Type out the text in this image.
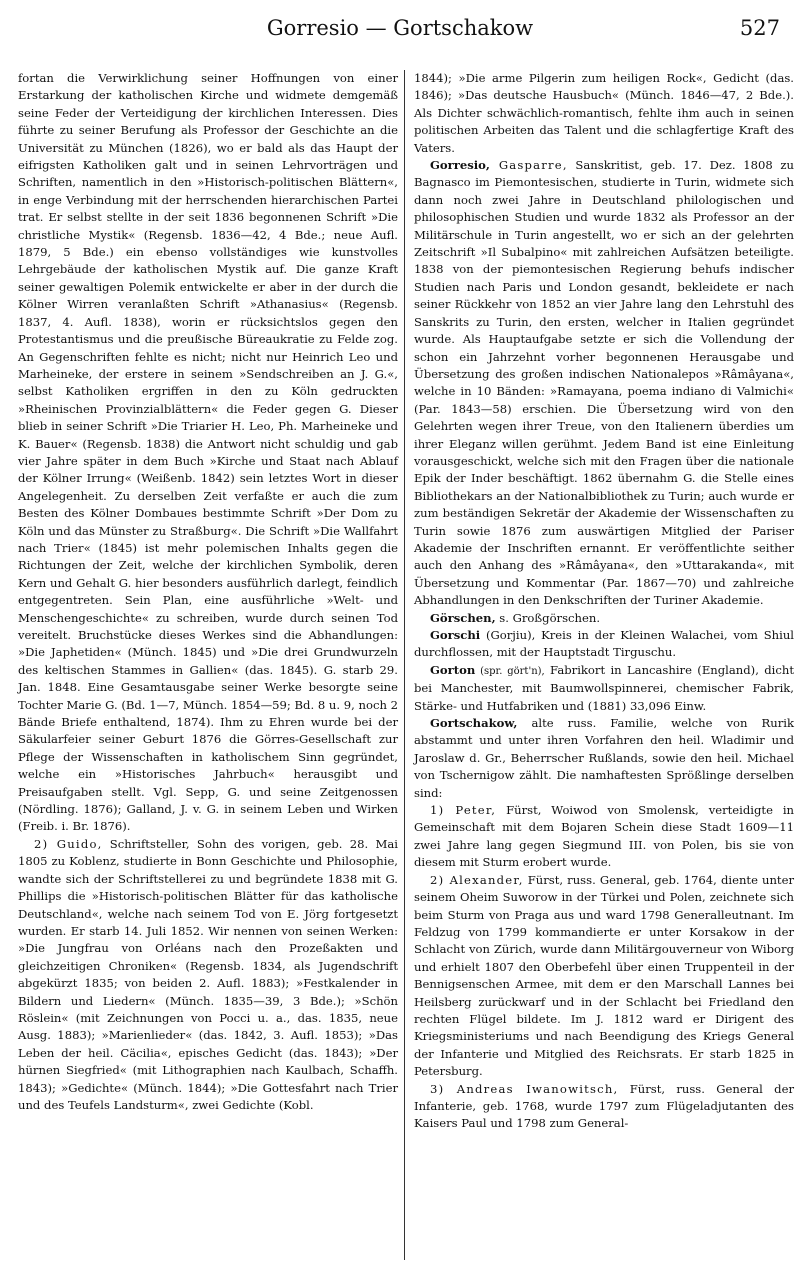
Gorresio — Gortschakow	527

fortan die Verwirklichung seiner Hoffnungen von einer Erstarkung der katholischen Kirche und widmete demgemäß seine Feder der Verteidigung der kirchlichen Interessen. Dies führte zu seiner Berufung als Professor der Geschichte an die Universität zu München (1826), wo er bald als das Haupt der eifrigsten Katholiken galt und in seinen Lehrvorträgen und Schriften, namentlich in den »Historisch-politischen Blättern«, in enge Verbindung mit der herrschenden hierarchischen Partei trat. Er selbst stellte in der seit 1836 begonnenen Schrift »Die christliche Mystik« (Regensb. 1836—42, 4 Bde.; neue Aufl. 1879, 5 Bde.) ein ebenso vollständiges wie kunstvolles Lehrgebäude der katholischen Mystik auf. Die ganze Kraft seiner gewaltigen Polemik entwickelte er aber in der durch die Kölner Wirren veranlaßten Schrift »Athanasius« (Regensb. 1837, 4. Aufl. 1838), worin er rücksichtslos gegen den Protestantismus und die preußische Büreaukratie zu Felde zog. An Gegenschriften fehlte es nicht; nicht nur Heinrich Leo und Marheineke, der erstere in seinem »Sendschreiben an J. G.«, selbst Katholiken ergriffen in den zu Köln gedruckten »Rheinischen Provinzialblättern« die Feder gegen G. Dieser blieb in seiner Schrift »Die Triarier H. Leo, Ph. Marheineke und K. Bauer« (Regensb. 1838) die Antwort nicht schuldig und gab vier Jahre später in dem Buch »Kirche und Staat nach Ablauf der Kölner Irrung« (Weißenb. 1842) sein letztes Wort in dieser Angelegenheit. Zu derselben Zeit verfaßte er auch die zum Besten des Kölner Dombaues bestimmte Schrift »Der Dom zu Köln und das Münster zu Straßburg«. Die Schrift »Die Wallfahrt nach Trier« (1845) ist mehr polemischen Inhalts gegen die Richtungen der Zeit, welche der kirchlichen Symbolik, deren Kern und Gehalt G. hier besonders ausführlich darlegt, feindlich entgegentreten. Sein Plan, eine ausführliche »Welt- und Menschengeschichte« zu schreiben, wurde durch seinen Tod vereitelt. Bruchstücke dieses Werkes sind die Abhandlungen: »Die Japhetiden« (Münch. 1845) und »Die drei Grundwurzeln des keltischen Stammes in Gallien« (das. 1845). G. starb 29. Jan. 1848. Eine Gesamtausgabe seiner Werke besorgte seine Tochter Marie G. (Bd. 1—7, Münch. 1854—59; Bd. 8 u. 9, noch 2 Bände Briefe enthaltend, 1874). Ihm zu Ehren wurde bei der Säkularfeier seiner Geburt 1876 die Görres-Gesellschaft zur Pflege der Wissenschaften in katholischem Sinn gegründet, welche ein »Historisches Jahrbuch« herausgibt und Preisaufgaben stellt. Vgl. Sepp, G. und seine Zeitgenossen (Nördling. 1876); Galland, J. v. G. in seinem Leben und Wirken (Freib. i. Br. 1876).

2) Guido, Schriftsteller, Sohn des vorigen, geb. 28. Mai 1805 zu Koblenz, studierte in Bonn Geschichte und Philosophie, wandte sich der Schriftstellerei zu und begründete 1838 mit G. Phillips die »Historisch-politischen Blätter für das katholische Deutschland«, welche nach seinem Tod von E. Jörg fortgesetzt wurden. Er starb 14. Juli 1852. Wir nennen von seinen Werken: »Die Jungfrau von Orléans nach den Prozeßakten und gleichzeitigen Chroniken« (Regensb. 1834, als Jugendschrift abgekürzt 1835; von beiden 2. Aufl. 1883); »Festkalender in Bildern und Liedern« (Münch. 1835—39, 3 Bde.); »Schön Röslein« (mit Zeichnungen von Pocci u. a., das. 1835, neue Ausg. 1883); »Marienlieder« (das. 1842, 3. Aufl. 1853); »Das Leben der heil. Cäcilia«, episches Gedicht (das. 1843); »Der hürnen Siegfried« (mit Lithographien nach Kaulbach, Schaffh. 1843); »Gedichte« (Münch. 1844); »Die Gottesfahrt nach Trier und des Teufels Landsturm«, zwei Gedichte (Kobl.

1844); »Die arme Pilgerin zum heiligen Rock«, Gedicht (das. 1846); »Das deutsche Hausbuch« (Münch. 1846—47, 2 Bde.). Als Dichter schwächlich-romantisch, fehlte ihm auch in seinen politischen Arbeiten das Talent und die schlagfertige Kraft des Vaters.

Gorresio, Gasparre, Sanskritist, geb. 17. Dez. 1808 zu Bagnasco im Piemontesischen, studierte in Turin, widmete sich dann noch zwei Jahre in Deutschland philologischen und philosophischen Studien und wurde 1832 als Professor an der Militärschule in Turin angestellt, wo er sich an der gelehrten Zeitschrift »Il Subalpino« mit zahlreichen Aufsätzen beteiligte. 1838 von der piemontesischen Regierung behufs indischer Studien nach Paris und London gesandt, bekleidete er nach seiner Rückkehr von 1852 an vier Jahre lang den Lehrstuhl des Sanskrits zu Turin, den ersten, welcher in Italien gegründet wurde. Als Hauptaufgabe setzte er sich die Vollendung der schon ein Jahrzehnt vorher begonnenen Herausgabe und Übersetzung des großen indischen Nationalepos »Râmâyana«, welche in 10 Bänden: »Ramayana, poema indiano di Valmichi« (Par. 1843—58) erschien. Die Übersetzung wird von den Gelehrten wegen ihrer Treue, von den Italienern überdies um ihrer Eleganz willen gerühmt. Jedem Band ist eine Einleitung vorausgeschickt, welche sich mit den Fragen über die nationale Epik der Inder beschäftigt. 1862 übernahm G. die Stelle eines Bibliothekars an der Nationalbibliothek zu Turin; auch wurde er zum beständigen Sekretär der Akademie der Wissenschaften zu Turin sowie 1876 zum auswärtigen Mitglied der Pariser Akademie der Inschriften ernannt. Er veröffentlichte seither auch den Anhang des »Râmâyana«, den »Uttarakanda«, mit Übersetzung und Kommentar (Par. 1867—70) und zahlreiche Abhandlungen in den Denkschriften der Turiner Akademie.

Görschen, s. Großgörschen.

Gorschi (Gorjiu), Kreis in der Kleinen Walachei, vom Shiul durchflossen, mit der Hauptstadt Tirguschu.

Gorton (spr. gört'n), Fabrikort in Lancashire (England), dicht bei Manchester, mit Baumwollspinnerei, chemischer Fabrik, Stärke- und Hutfabriken und (1881) 33,096 Einw.

Gortschakow, alte russ. Familie, welche von Rurik abstammt und unter ihren Vorfahren den heil. Wladimir und Jaroslaw d. Gr., Beherrscher Rußlands, sowie den heil. Michael von Tschernigow zählt. Die namhaftesten Sprößlinge derselben sind:

1) Peter, Fürst, Woiwod von Smolensk, verteidigte in Gemeinschaft mit dem Bojaren Schein diese Stadt 1609—11 zwei Jahre lang gegen Siegmund III. von Polen, bis sie von diesem mit Sturm erobert wurde.

2) Alexander, Fürst, russ. General, geb. 1764, diente unter seinem Oheim Suworow in der Türkei und Polen, zeichnete sich beim Sturm von Praga aus und ward 1798 Generalleutnant. Im Feldzug von 1799 kommandierte er unter Korsakow in der Schlacht von Zürich, wurde dann Militärgouverneur von Wiborg und erhielt 1807 den Oberbefehl über einen Truppenteil in der Bennigsenschen Armee, mit dem er den Marschall Lannes bei Heilsberg zurückwarf und in der Schlacht bei Friedland den rechten Flügel bildete. Im J. 1812 ward er Dirigent des Kriegsministeriums und nach Beendigung des Kriegs General der Infanterie und Mitglied des Reichsrats. Er starb 1825 in Petersburg.

3) Andreas Iwanowitsch, Fürst, russ. General der Infanterie, geb. 1768, wurde 1797 zum Flügeladjutanten des Kaisers Paul und 1798 zum General-
